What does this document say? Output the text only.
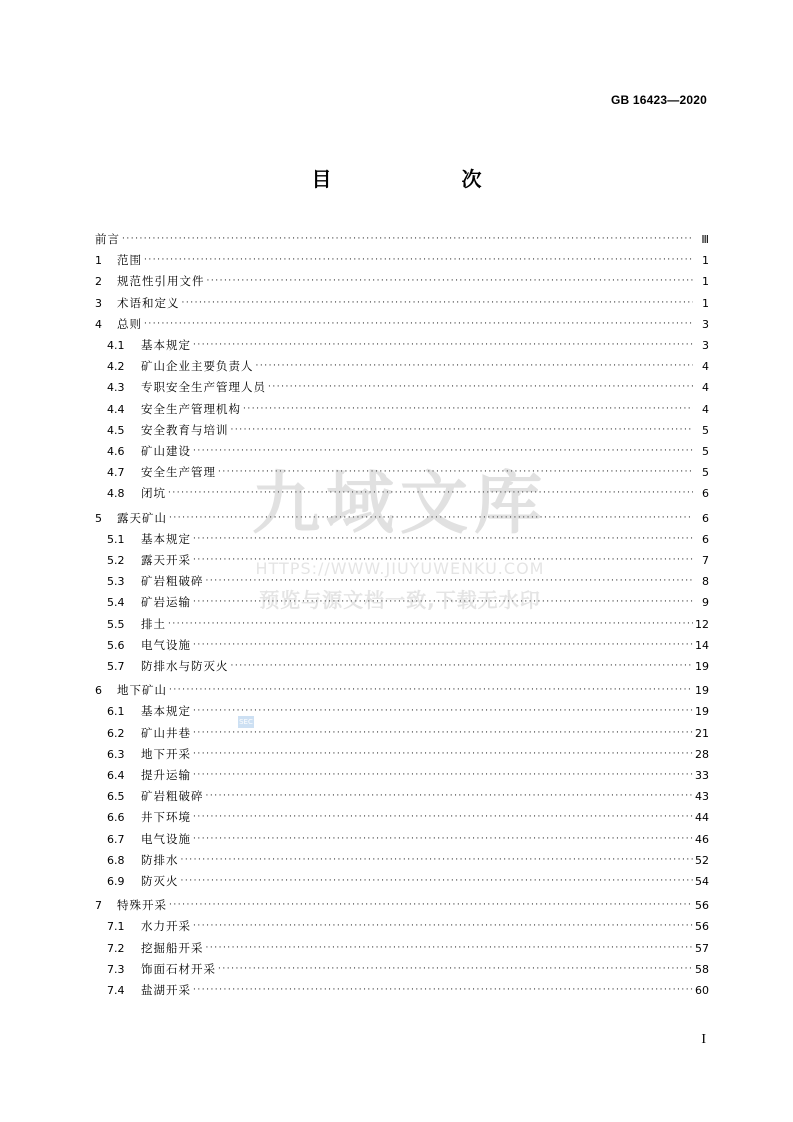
GB 16423—2020
目　　次
前言 ·····	Ⅲ
1	范围 ·····	1
2	规范性引用文件 ·····	1
3	术语和定义 ·····	1
4	总则 ·····	3
4.1	基本规定 ·····	3
4.2	矿山企业主要负责人 ·····	4
4.3	专职安全生产管理人员 ·····	4
4.4	安全生产管理机构 ·····	4
4.5	安全教育与培训 ·····	5
4.6	矿山建设 ·····	5
4.7	安全生产管理 ·····	5
4.8	闭坑 ·····	6
5	露天矿山 ·····	6
5.1	基本规定 ·····	6
5.2	露天开采 ·····	7
5.3	矿岩粗破碎 ·····	8
5.4	矿岩运输 ·····	9
5.5	排土 ·····	12
5.6	电气设施 ·····	14
5.7	防排水与防灭火 ·····	19
6	地下矿山 ·····	19
6.1	基本规定 ·····	19
6.2	矿山井巷 ·····	21
6.3	地下开采 ·····	28
6.4	提升运输 ·····	33
6.5	矿岩粗破碎 ·····	43
6.6	井下环境 ·····	44
6.7	电气设施 ·····	46
6.8	防排水 ·····	52
6.9	防灭火 ·····	54
7	特殊开采 ·····	56
7.1	水力开采 ·····	56
7.2	挖掘船开采 ·····	57
7.3	饰面石材开采 ·····	58
7.4	盐湖开采 ·····	60
I
九域文库
HTTPS://WWW.JIUYUWENKU.COM
预览与源文档一致,下载无水印
SEC
